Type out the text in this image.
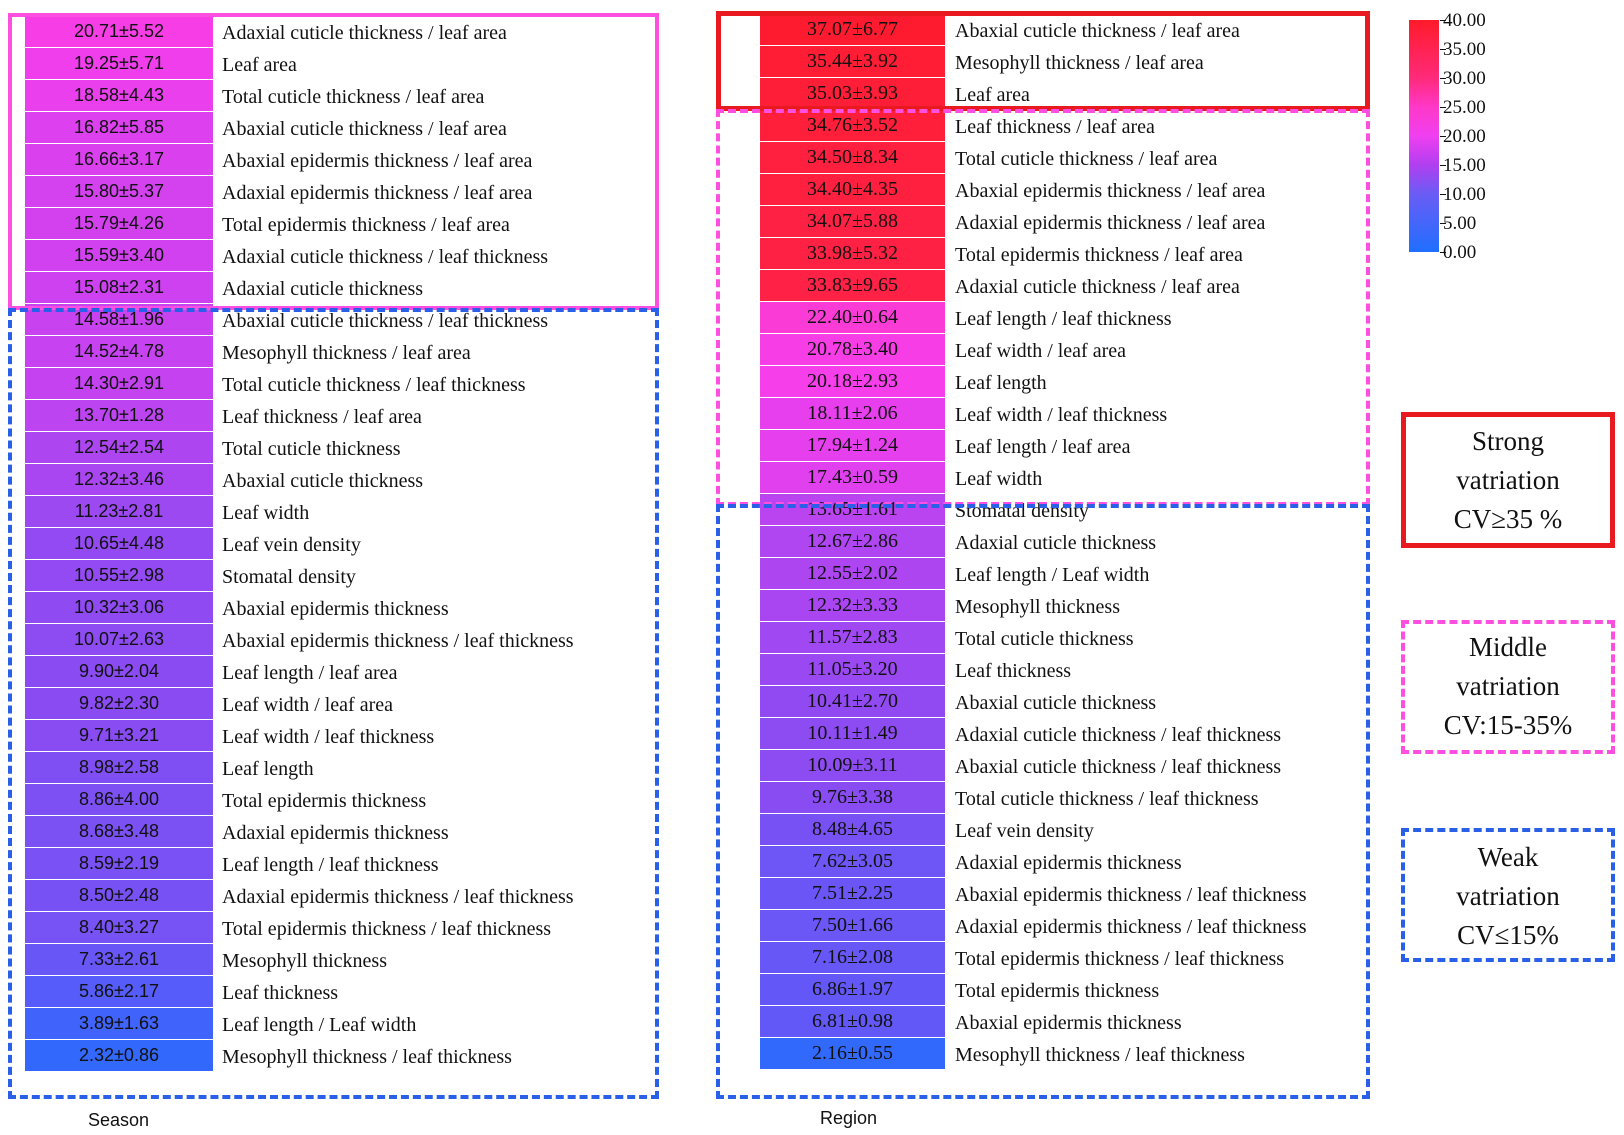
20.71±5.52	Adaxial cuticle thickness / leaf area
19.25±5.71	Leaf area
18.58±4.43	Total cuticle thickness / leaf area
16.82±5.85	Abaxial cuticle thickness / leaf area
16.66±3.17	Abaxial epidermis thickness / leaf area
15.80±5.37	Adaxial epidermis thickness / leaf area
15.79±4.26	Total epidermis thickness / leaf area
15.59±3.40	Adaxial cuticle thickness / leaf thickness
15.08±2.31	Adaxial cuticle thickness
14.58±1.96	Abaxial cuticle thickness / leaf thickness
14.52±4.78	Mesophyll thickness / leaf area
14.30±2.91	Total cuticle thickness / leaf thickness
13.70±1.28	Leaf thickness / leaf area
12.54±2.54	Total cuticle thickness
12.32±3.46	Abaxial cuticle thickness
11.23±2.81	Leaf width
10.65±4.48	Leaf vein density
10.55±2.98	Stomatal density
10.32±3.06	Abaxial epidermis thickness
10.07±2.63	Abaxial epidermis thickness / leaf thickness
9.90±2.04	Leaf length / leaf area
9.82±2.30	Leaf width / leaf area
9.71±3.21	Leaf width / leaf thickness
8.98±2.58	Leaf length
8.86±4.00	Total epidermis thickness
8.68±3.48	Adaxial epidermis thickness
8.59±2.19	Leaf length / leaf thickness
8.50±2.48	Adaxial epidermis thickness / leaf thickness
8.40±3.27	Total epidermis thickness / leaf thickness
7.33±2.61	Mesophyll thickness
5.86±2.17	Leaf thickness
3.89±1.63	Leaf length / Leaf width
2.32±0.86	Mesophyll thickness / leaf thickness
Season
37.07±6.77	Abaxial cuticle thickness / leaf area
35.44±3.92	Mesophyll thickness / leaf area
35.03±3.93	Leaf area
34.76±3.52	Leaf thickness / leaf area
34.50±8.34	Total cuticle thickness / leaf area
34.40±4.35	Abaxial epidermis thickness / leaf area
34.07±5.88	Adaxial epidermis thickness / leaf area
33.98±5.32	Total epidermis thickness / leaf area
33.83±9.65	Adaxial cuticle thickness / leaf area
22.40±0.64	Leaf length / leaf thickness
20.78±3.40	Leaf width / leaf area
20.18±2.93	Leaf length
18.11±2.06	Leaf width / leaf thickness
17.94±1.24	Leaf length / leaf area
17.43±0.59	Leaf width
13.65±1.61	Stomatal density
12.67±2.86	Adaxial cuticle thickness
12.55±2.02	Leaf length / Leaf width
12.32±3.33	Mesophyll thickness
11.57±2.83	Total cuticle thickness
11.05±3.20	Leaf thickness
10.41±2.70	Abaxial cuticle thickness
10.11±1.49	Adaxial cuticle thickness / leaf thickness
10.09±3.11	Abaxial cuticle thickness / leaf thickness
9.76±3.38	Total cuticle thickness / leaf thickness
8.48±4.65	Leaf vein density
7.62±3.05	Adaxial epidermis thickness
7.51±2.25	Abaxial epidermis thickness / leaf thickness
7.50±1.66	Adaxial epidermis thickness / leaf thickness
7.16±2.08	Total epidermis thickness / leaf thickness
6.86±1.97	Total epidermis thickness
6.81±0.98	Abaxial epidermis thickness
2.16±0.55	Mesophyll thickness / leaf thickness
Region
40.00
35.00
30.00
25.00
20.00
15.00
10.00
5.00
0.00
Strong
vatriation
CV≥35 %
Middle
vatriation
CV:15-35%
Weak
vatriation
CV≤15%
